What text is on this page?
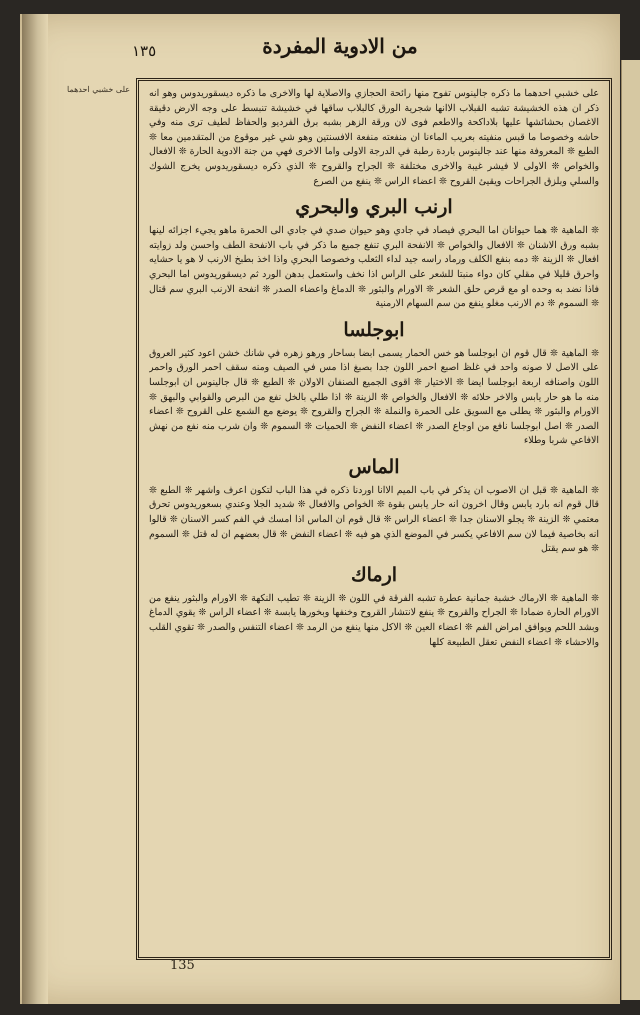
من الادوية المفردة
١٣٥
على خشبي احدهما على خشبي احدهما ما ذكره جالينوس تفوح منها رائحة الحجازي والاصلاية لها والاخرى ما ذكره ديسقوريدوس وهو انه ذكر ان هذه الخشيشة تشبه القبلاب الاانها شجرية الورق كالبلاب ساقها في خشيشة تنبسط على وجه الارض دقيقة الاغصان بحشائشها عليها بلاداكحة والاطعم فوى لان ورقة الزهر بشبه برق الفرديو والحفاظ لطيف ترى منه وفي حاشه وخصوصا ما قبس منفيته بعريب الماءنا ان منفعته منفعة الافسنتين وهو شي غير موقوع من المتقدمين معا ❊ الطبع ❊ المعروفة منها عند جالينوس باردة رطبة في الدرجة الاولى واما الاخرى فهي من جنة الادوية الحارة ❊ الافعال والخواص ❊ الاولى لا فيشر غيبة والاخرى مختلفة ❊ الجراح والقروح ❊ الذي ذكره ديسقوريدوس يخرج الشوك والسلي وبلزق الجراحات ويقيئ القروح ❊ اعضاء الراس ❊ ينفع من الصرع

ارنب البري والبحري

❊ الماهية ❊ هما حيوانان اما البحري فيصاد في جادي وهو حيوان صدي في جادي الى الحمرة ماهو يجيء اجزائه لينها بشبه ورق الاشنان ❊ الافعال والخواص ❊ الانفحة البري تنفع جميع ما ذكر في باب الانفحة الطف واحسن ولد زوايته افعال ❊ الزينة ❊ دمه بنفع الكلف ورماد راسه جيد لداء الثعلب وخصوصا البحري واذا اخذ بطبخ الارنب لا هو يا حشايه واحرق قليلا في مقلي كان دواء منبتا للشعر على الراس اذا نخف واستعمل بدهن الورد ثم ديسقوريدوس اما البحري فاذا نضد به وحده او مع قرص حلق الشعر ❊ الاورام والبثور ❊ الدماغ واعضاء الصدر ❊ انفحة الارنب البري سم قتال ❊ السموم ❊ دم الارنب مغلو ينفع من سم السهام الارمنية

ابوجلسا

❊ الماهية ❊ قال قوم ان ابوجلسا هو خس الحمار يسمى ابضا بساحار ورهو زهره في شانك خشن اعود كثير العروق على الاصل لا صونه واحد في غلظ اصبع احمر اللون جدا بصبغ اذا مس في الصيف ومنه سقف احمر الورق واحمر اللون واصنافه اربعة ابوجلسا ايضا ❊ الاختيار ❊ اقوى الجميع الصنفان الاولان ❊ الطبع ❊ قال جالينوس ان ابوجلسا منه ما هو حار يابس والاخر حلائه ❊ الافعال والخواص ❊ الزينة ❊ اذا طلي بالخل نفع من البرص والقوابي والبهق ❊ الاورام والبثور ❊ يطلى مع السويق على الحمرة والنملة ❊ الجراح والقروح ❊ يوضع مع الشمع على القروح ❊ اعضاء الصدر ❊ اصل ابوجلسا نافع من اوجاع الصدر ❊ اعضاء النفض ❊ الحميات ❊ السموم ❊ وان شرب منه نفع من نهش الافاعي شربا وطلاء

الماس

❊ الماهية ❊ قبل ان الاصوب ان يذكر في باب الميم الاانا اوردنا ذكره في هذا الباب لتكون اعرف واشهر ❊ الطبع ❊ قال قوم انه بارد يابس وقال اخرون انه حار يابس بقوة ❊ الخواص والافعال ❊ شديد الجلا وعندي بسعوريدوس تحرق معتمي ❊ الزينة ❊ يجلو الاسنان جدا ❊ اعضاء الراس ❊ قال قوم ان الماس اذا امسك في الفم كسر الاسنان ❊ قالوا انه بخاصية فيما لان سم الافاعي يكسر في الموضع الذي هو فيه ❊ اعضاء النفض ❊ قال بعضهم ان له قتل ❊ السموم ❊ هو سم يقتل

ارماك

❊ الماهية ❊ الارماك خشبة جمانية عطرة تشبه الفرقة في اللون ❊ الزينة ❊ تطيب النكهة ❊ الاورام والبثور ينفع من الاورام الحارة ضمادا ❊ الجراح والقروح ❊ ينفع لانتشار القروح وخنفها وبخورها يابسة ❊ اعضاء الراس ❊ يقوي الدماغ وبشد اللحم ويوافق امراض الفم ❊ اعضاء العين ❊ الاكل منها ينفع من الرمد ❊ اعضاء التنفس والصدر ❊ تقوي القلب والاحشاء ❊ اعضاء النفض تعقل الطبيعة كلها

135
